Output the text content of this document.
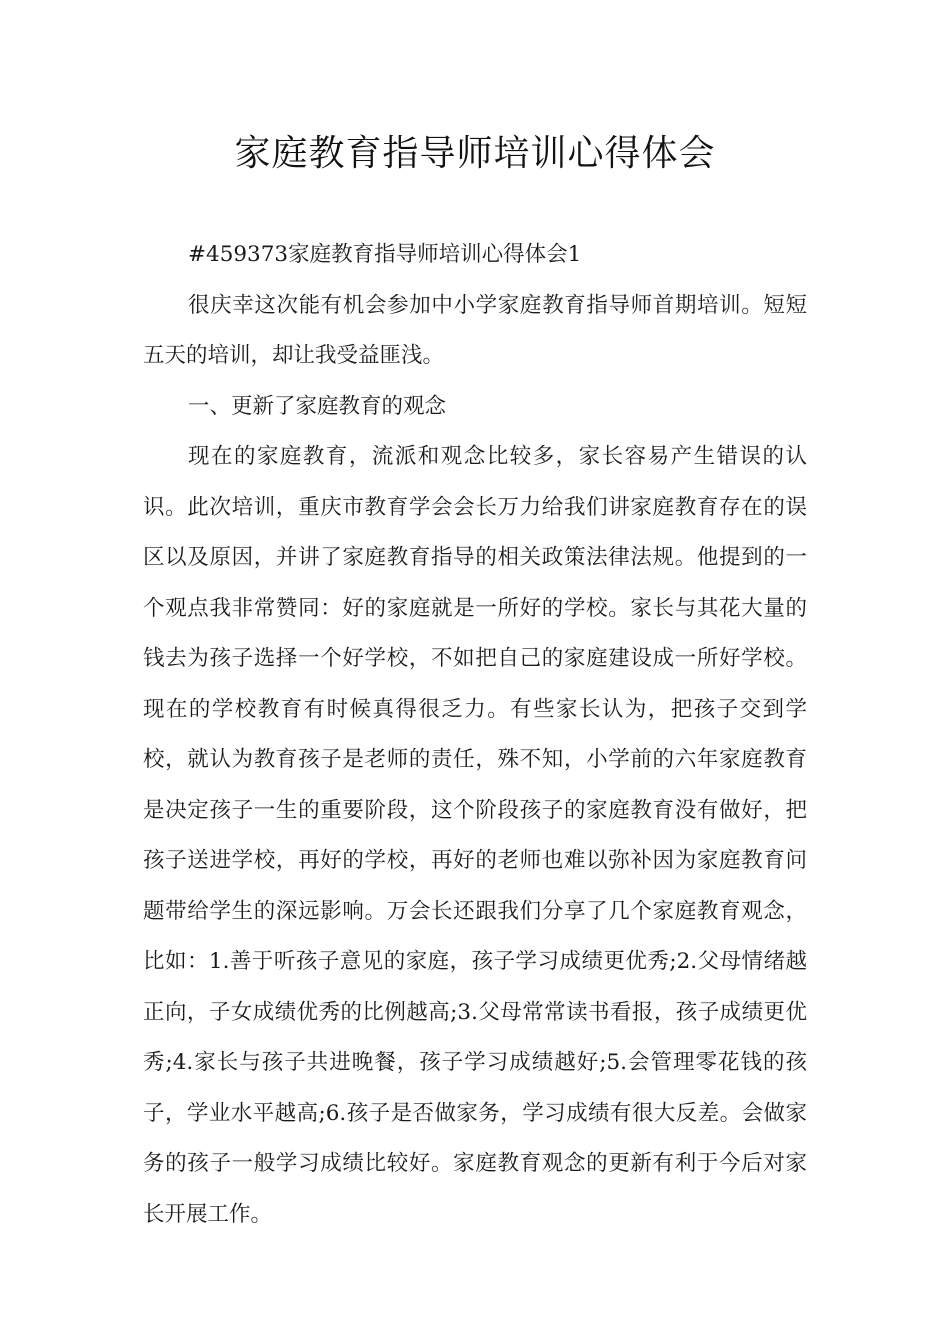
家庭教育指导师培训心得体会

#459373家庭教育指导师培训心得体会1

很庆幸这次能有机会参加中小学家庭教育指导师首期培训。短短五天的培训，却让我受益匪浅。

一、更新了家庭教育的观念

现在的家庭教育，流派和观念比较多，家长容易产生错误的认识。此次培训，重庆市教育学会会长万力给我们讲家庭教育存在的误区以及原因，并讲了家庭教育指导的相关政策法律法规。他提到的一个观点我非常赞同：好的家庭就是一所好的学校。家长与其花大量的钱去为孩子选择一个好学校，不如把自己的家庭建设成一所好学校。现在的学校教育有时候真得很乏力。有些家长认为，把孩子交到学校，就认为教育孩子是老师的责任，殊不知，小学前的六年家庭教育是决定孩子一生的重要阶段，这个阶段孩子的家庭教育没有做好，把孩子送进学校，再好的学校，再好的老师也难以弥补因为家庭教育问题带给学生的深远影响。万会长还跟我们分享了几个家庭教育观念，比如：1.善于听孩子意见的家庭，孩子学习成绩更优秀;2.父母情绪越正向，子女成绩优秀的比例越高;3.父母常常读书看报，孩子成绩更优秀;4.家长与孩子共进晚餐，孩子学习成绩越好;5.会管理零花钱的孩子，学业水平越高;6.孩子是否做家务，学习成绩有很大反差。会做家务的孩子一般学习成绩比较好。家庭教育观念的更新有利于今后对家长开展工作。
